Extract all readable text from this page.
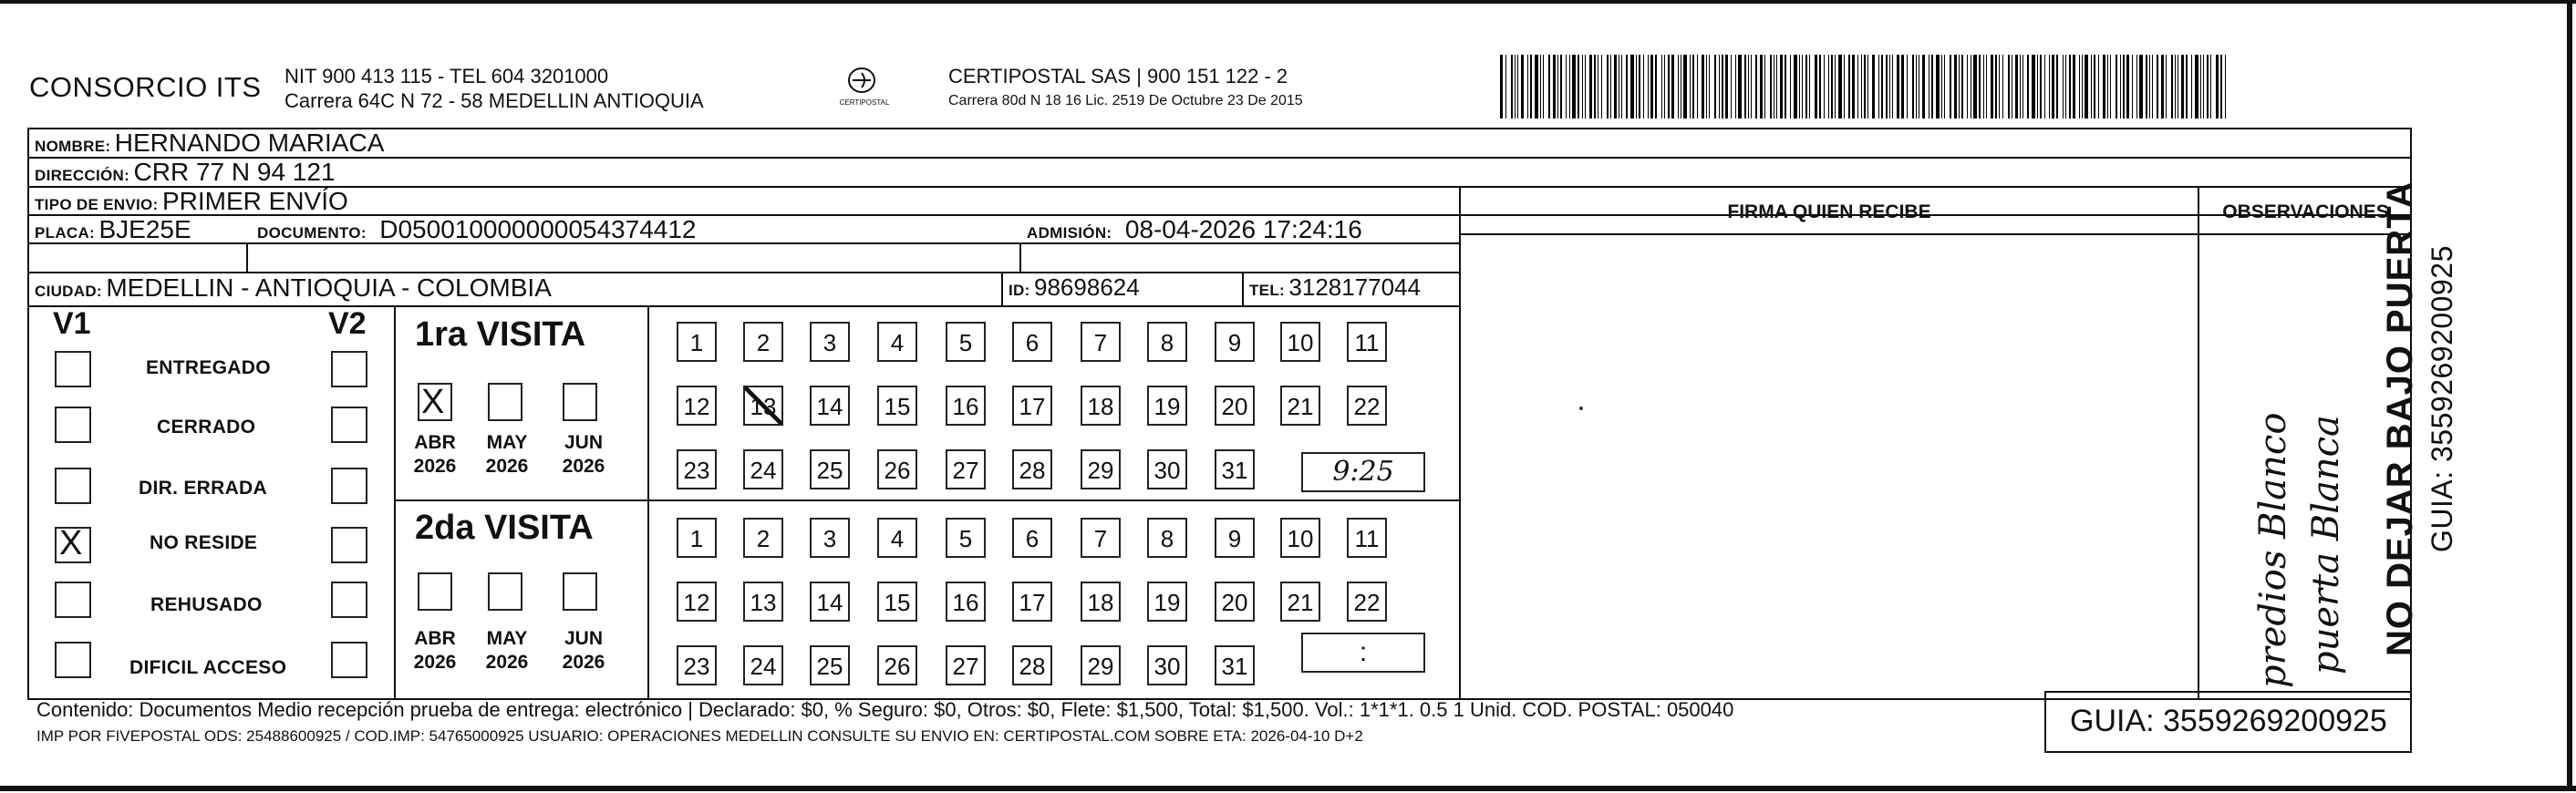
CONSORCIO ITS NIT 900 413 115 - TEL 604 3201000
Carrera 64C N 72 - 58 MEDELLIN ANTIOQUIA	CERTIPOSTAL
CERTIPOSTAL SAS | 900 151 122 - 2
Carrera 80d N 18 16 Lic. 2519 De Octubre 23 De 2015
NOMBRE: HERNANDO MARIACA
DIRECCIÓN: CRR 77 N 94 121
TIPO DE ENVIO: PRIMER ENVÍO	FIRMA QUIEN RECIBE	OBSERVACIONES
PLACA: BJE25E	DOCUMENTO: D050010000000054374412	ADMISIÓN: 08-04-2026 17:24:16
CIUDAD: MEDELLIN - ANTIOQUIA - COLOMBIA	ID: 98698624	TEL: 3128177044
V1	V2
ENTREGADO
CERRADO
DIR. ERRADA
X	NO RESIDE
REHUSADO
DIFICIL ACCESO
1ra VISITA
X
ABR
2026
MAY
2026
JUN
2026
1	2	3	4	5	6	7	8	9	10	11
12 13 14 15 16 17 18 19 20 21 22
23 24 25 26 27 28 29 30 31	9:25
2da VISITA
ABR
2026
MAY
2026
JUN
2026
1	2	3	4	5	6	7	8	9	10	11
12 13 14 15 16 17 18 19 20 21 22
23 24 25 26 27 28 29 30 31	:	predios Blanco puerta Blanca NO DEJAR BAJO PUERTA GUIA: 3559269200925
Contenido: Documentos Medio recepción prueba de entrega: electrónico | Declarado: $0, % Seguro: $0, Otros: $0, Flete: $1,500, Total: $1,500. Vol.: 1*1*1. 0.5 1 Unid. COD. POSTAL: 050040
IMP POR FIVEPOSTAL ODS: 25488600925 / COD.IMP: 54765000925 USUARIO: OPERACIONES MEDELLIN CONSULTE SU ENVIO EN: CERTIPOSTAL.COM SOBRE ETA: 2026-04-10 D+2	GUIA: 3559269200925
